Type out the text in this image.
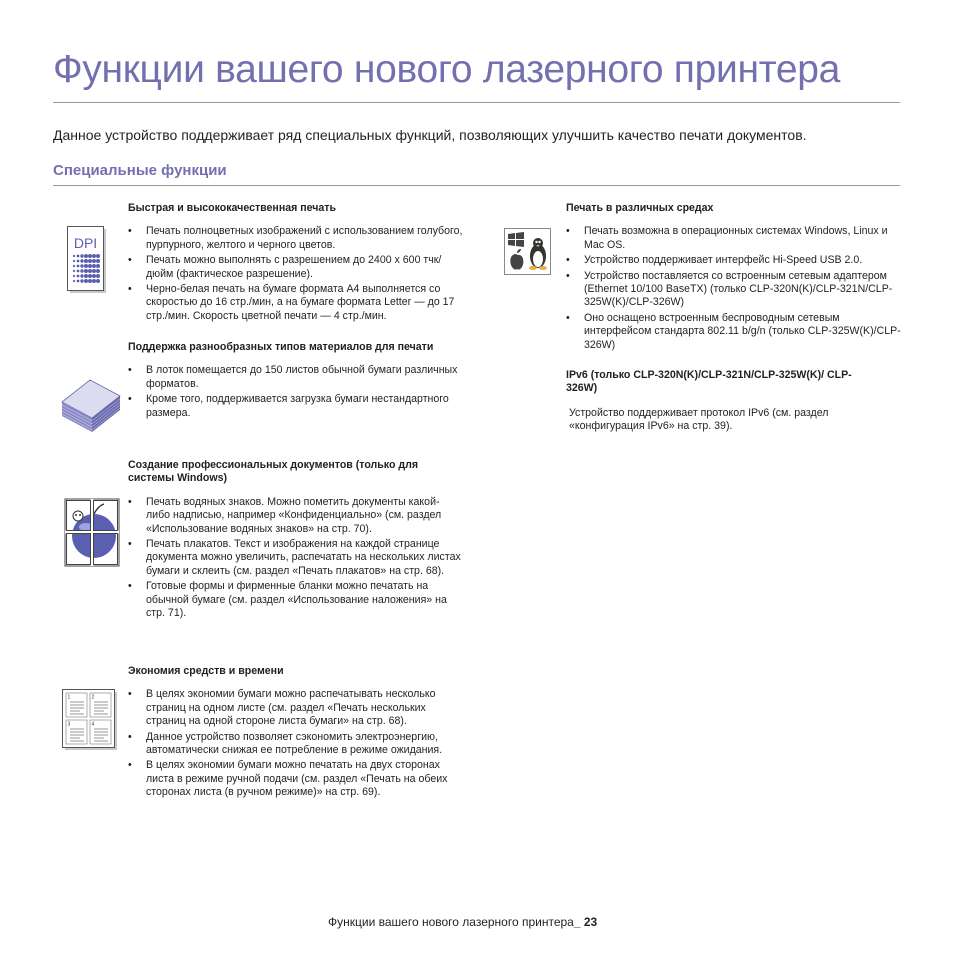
Функции вашего нового лазерного принтера

Данное устройство поддерживает ряд специальных функций, позволяющих улучшить качество печати документов.

Специальные функции
DPI
Быстрая и высококачественная печать
• Печать полноцветных изображений с использованием голубого, пурпурного, желтого и черного цветов.
• Печать можно выполнять с разрешением до 2400 x 600 тчк/дюйм (фактическое разрешение).
• Черно-белая печать на бумаге формата A4 выполняется со скоростью до 16 стр./мин, а на бумаге формата Letter — до 17 стр./мин. Скорость цветной печати — 4 стр./мин.
Поддержка разнообразных типов материалов для печати
• В лоток помещается до 150 листов обычной бумаги различных форматов.
• Кроме того, поддерживается загрузка бумаги нестандартного размера.
Создание профессиональных документов (только для системы Windows)
• Печать водяных знаков. Можно пометить документы какой-либо надписью, например «Конфиденциально» (см. раздел «Использование водяных знаков» на стр. 70).
• Печать плакатов. Текст и изображения на каждой странице документа можно увеличить, распечатать на нескольких листах бумаги и склеить (см. раздел «Печать плакатов» на стр. 68).
• Готовые формы и фирменные бланки можно печатать на обычной бумаге (см. раздел «Использование наложения» на стр. 71).
1	2
3	4
Экономия средств и времени
• В целях экономии бумаги можно распечатывать несколько страниц на одном листе (см. раздел «Печать нескольких страниц на одной стороне листа бумаги» на стр. 68).
• Данное устройство позволяет сэкономить электроэнергию, автоматически снижая ее потребление в режиме ожидания.
• В целях экономии бумаги можно печатать на двух сторонах листа в режиме ручной подачи (см. раздел «Печать на обеих сторонах листа (в ручном режиме)» на стр. 69).
Печать в различных средах
• Печать возможна в операционных системах Windows, Linux и Mac OS.
• Устройство поддерживает интерфейс Hi-Speed USB 2.0.
• Устройство поставляется со встроенным сетевым адаптером (Ethernet 10/100 BaseTX) (только CLP-320N(K)/CLP-321N/CLP-325W(K)/CLP-326W)
• Оно оснащено встроенным беспроводным сетевым интерфейсом стандарта 802.11 b/g/n (только CLP-325W(K)/CLP-326W)
IPv6 (только CLP-320N(K)/CLP-321N/CLP-325W(K)/ CLP-326W)

Устройство поддерживает протокол IPv6 (см. раздел «конфигурация IPv6» на стр. 39).

Функции вашего нового лазерного принтера_ 23
